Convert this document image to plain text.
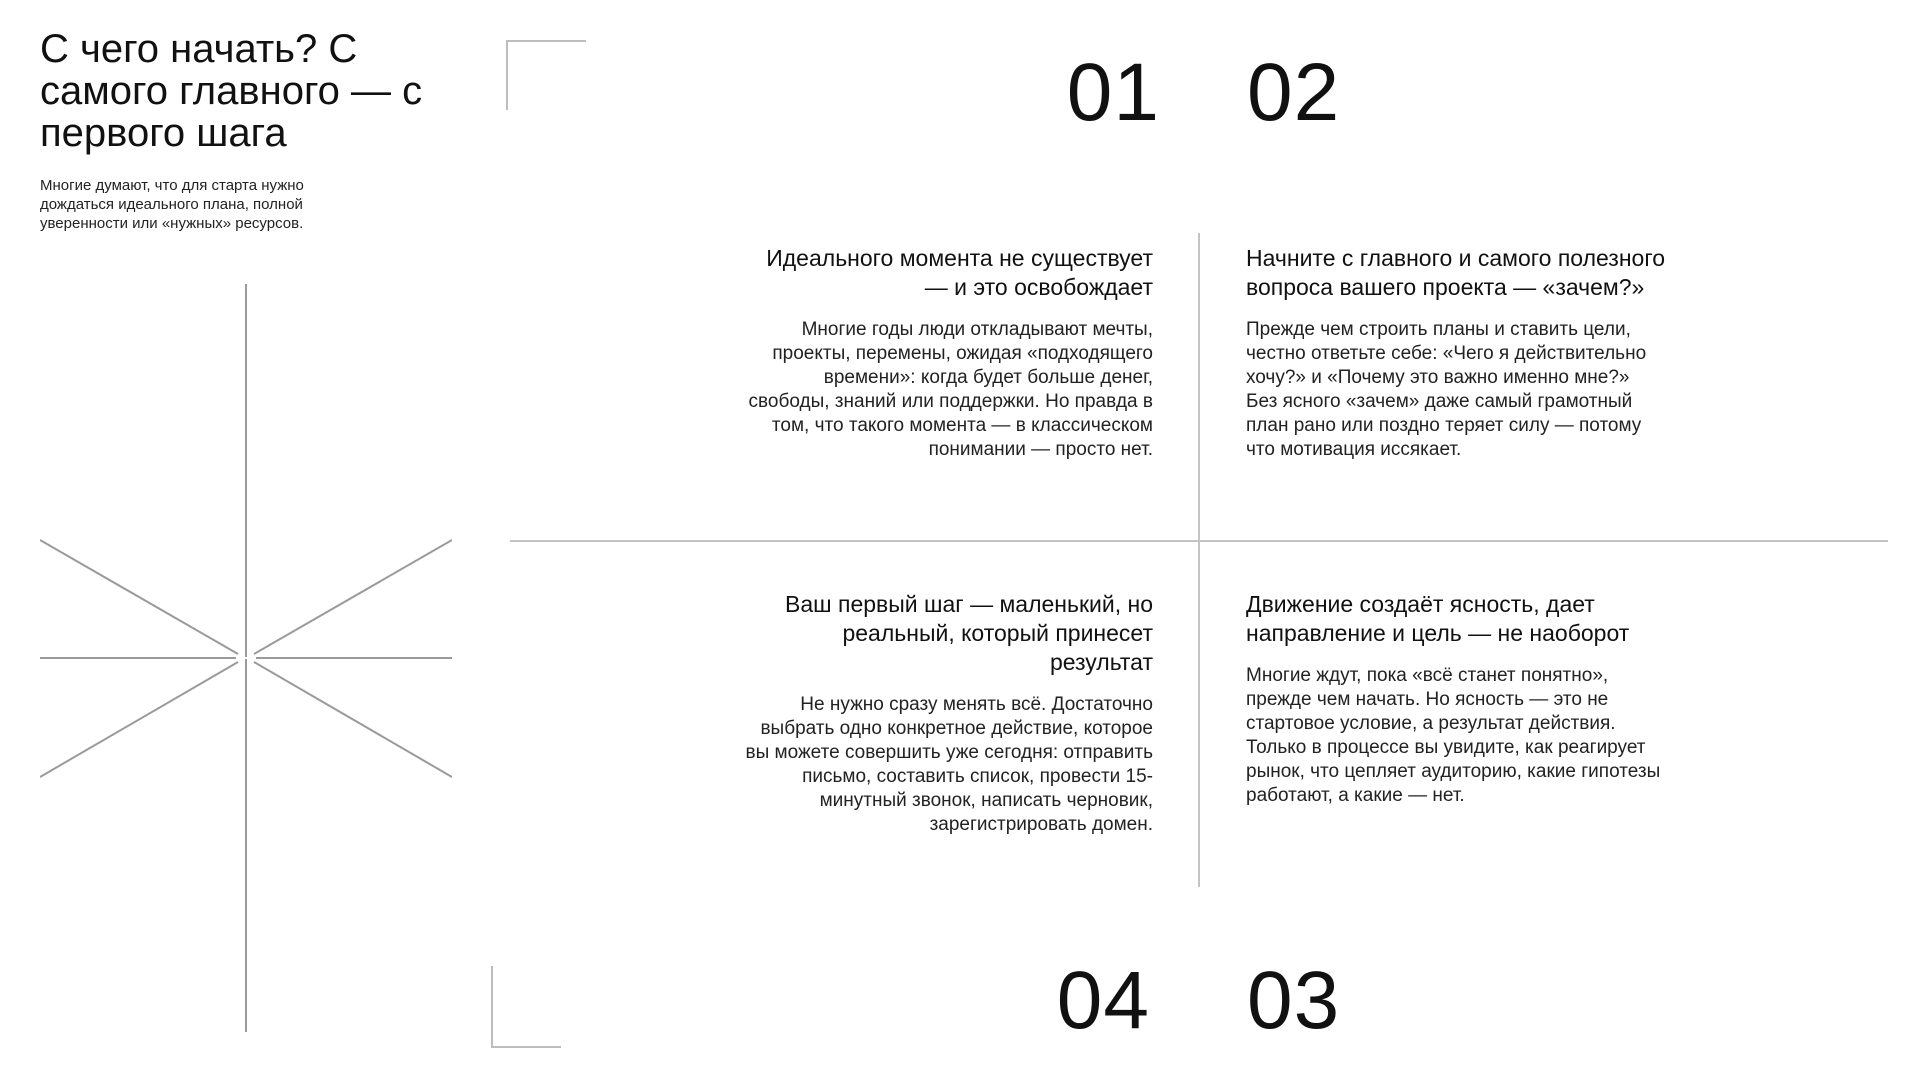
С чего начать? С самого главного — с первого шага

Многие думают, что для старта нужно дождаться идеального плана, полной уверенности или «нужных» ресурсов.

01 02
04 03
Идеального момента не существует — и это освобождает

Многие годы люди откладывают мечты, проекты, перемены, ожидая «подходящего времени»: когда будет больше денег, свободы, знаний или поддержки. Но правда в том, что такого момента — в классическом понимании — просто нет.

Начните с главного и самого полезного вопроса вашего проекта — «зачем?»

Прежде чем строить планы и ставить цели, честно ответьте себе: «Чего я действительно хочу?» и «Почему это важно именно мне?» Без ясного «зачем» даже самый грамотный план рано или поздно теряет силу — потому что мотивация иссякает.

Ваш первый шаг — маленький, но реальный, который принесет результат

Не нужно сразу менять всё. Достаточно выбрать одно конкретное действие, которое вы можете совершить уже сегодня: отправить письмо, составить список, провести 15-минутный звонок, написать черновик, зарегистрировать домен.

Движение создаёт ясность, дает направление и цель — не наоборот

Многие ждут, пока «всё станет понятно», прежде чем начать. Но ясность — это не стартовое условие, а результат действия. Только в процессе вы увидите, как реагирует рынок, что цепляет аудиторию, какие гипотезы работают, а какие — нет.
